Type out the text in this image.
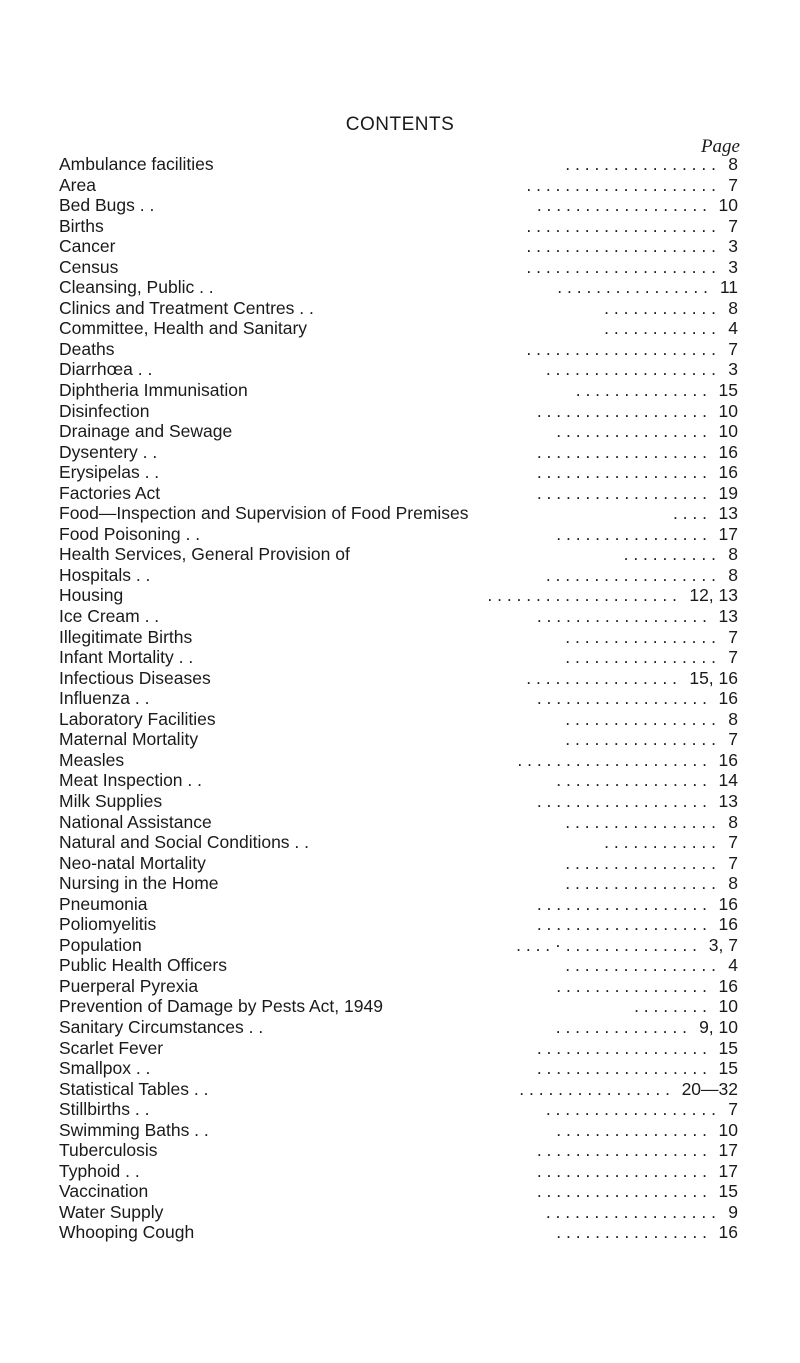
CONTENTS
Page
Ambulance facilities	. . . . . . . . . . . . . . . . 8
Area	. . . . . . . . . . . . . . . . . . . . 7
Bed Bugs . .	. . . . . . . . . . . . . . . . . . 10
Births	. . . . . . . . . . . . . . . . . . . . 7
Cancer	. . . . . . . . . . . . . . . . . . . . 3
Census	. . . . . . . . . . . . . . . . . . . . 3
Cleansing, Public . .	. . . . . . . . . . . . . . . . 11
Clinics and Treatment Centres . .	. . . . . . . . . . . . 8
Committee, Health and Sanitary	. . . . . . . . . . . . 4
Deaths	. . . . . . . . . . . . . . . . . . . . 7
Diarrhœa . .	. . . . . . . . . . . . . . . . . . 3
Diphtheria Immunisation	. . . . . . . . . . . . . . 15
Disinfection	. . . . . . . . . . . . . . . . . . 10
Drainage and Sewage	. . . . . . . . . . . . . . . . 10
Dysentery . .	. . . . . . . . . . . . . . . . . . 16
Erysipelas . .	. . . . . . . . . . . . . . . . . . 16
Factories Act	. . . . . . . . . . . . . . . . . . 19
Food—Inspection and Supervision of Food Premises	. . . . 13
Food Poisoning . .	. . . . . . . . . . . . . . . . 17
Health Services, General Provision of	. . . . . . . . . . 8
Hospitals . .	. . . . . . . . . . . . . . . . . . 8
Housing	. . . . . . . . . . . . . . . . . . . . 12, 13
Ice Cream . .	. . . . . . . . . . . . . . . . . . 13
Illegitimate Births	. . . . . . . . . . . . . . . . 7
Infant Mortality . .	. . . . . . . . . . . . . . . . 7
Infectious Diseases	. . . . . . . . . . . . . . . . 15, 16
Influenza . .	. . . . . . . . . . . . . . . . . . 16
Laboratory Facilities	. . . . . . . . . . . . . . . . 8
Maternal Mortality	. . . . . . . . . . . . . . . . 7
Measles	. . . . . . . . . . . . . . . . . . . . 16
Meat Inspection . .	. . . . . . . . . . . . . . . . 14
Milk Supplies	. . . . . . . . . . . . . . . . . . 13
National Assistance	. . . . . . . . . . . . . . . . 8
Natural and Social Conditions . .	. . . . . . . . . . . . 7
Neo-natal Mortality	. . . . . . . . . . . . . . . . 7
Nursing in the Home	. . . . . . . . . . . . . . . . 8
Pneumonia	. . . . . . . . . . . . . . . . . . 16
Poliomyelitis	. . . . . . . . . . . . . . . . . . 16
Population	. . . . · . . . . . . . . . . . . . . 3, 7
Public Health Officers	. . . . . . . . . . . . . . . . 4
Puerperal Pyrexia	. . . . . . . . . . . . . . . . 16
Prevention of Damage by Pests Act, 1949	. . . . . . . . 10
Sanitary Circumstances . .	. . . . . . . . . . . . . . 9, 10
Scarlet Fever	. . . . . . . . . . . . . . . . . . 15
Smallpox . .	. . . . . . . . . . . . . . . . . . 15
Statistical Tables . .	. . . . . . . . . . . . . . . . 20—32
Stillbirths . .	. . . . . . . . . . . . . . . . . . 7
Swimming Baths . .	. . . . . . . . . . . . . . . . 10
Tuberculosis	. . . . . . . . . . . . . . . . . . 17
Typhoid . .	. . . . . . . . . . . . . . . . . . 17
Vaccination	. . . . . . . . . . . . . . . . . . 15
Water Supply	. . . . . . . . . . . . . . . . . . 9
Whooping Cough	. . . . . . . . . . . . . . . . 16
